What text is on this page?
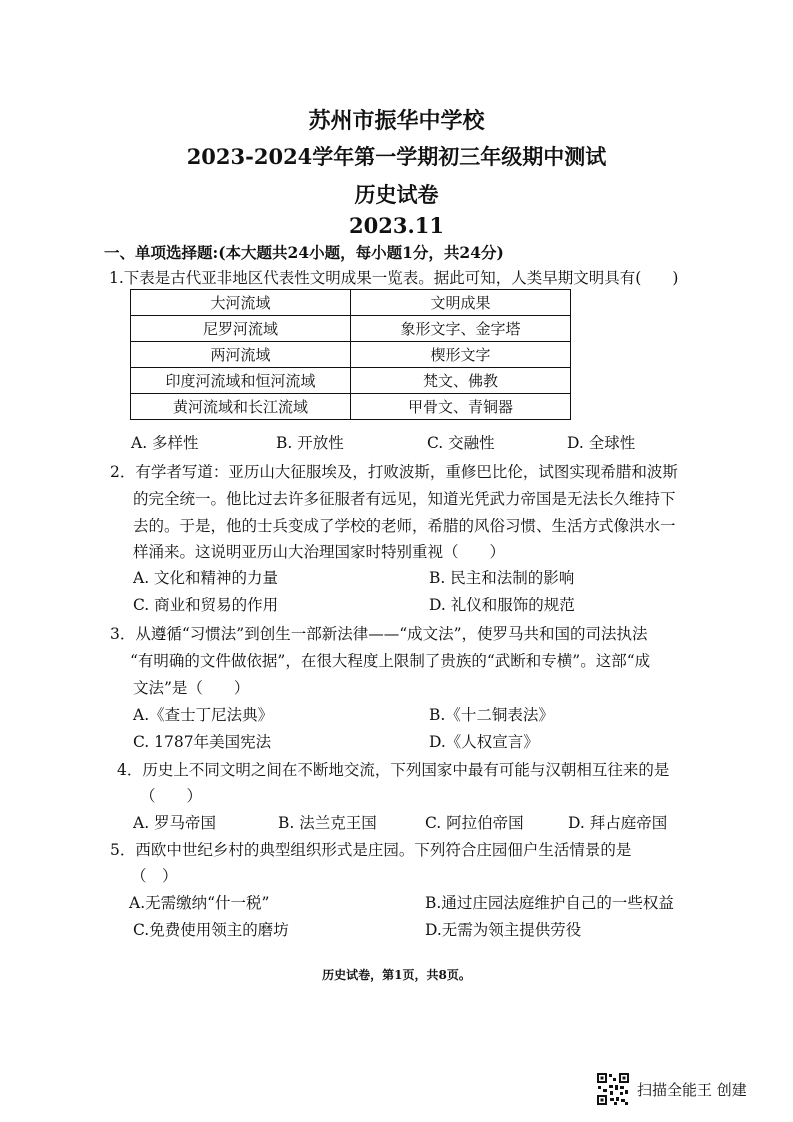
苏州市振华中学校
2023-2024学年第一学期初三年级期中测试
历史试卷
2023.11
一、单项选择题:(本大题共24小题，每小题1分，共24分)
1.下表是古代亚非地区代表性文明成果一览表。据此可知，人类早期文明具有(　　)
大河流域	文明成果
尼罗河流域	象形文字、金字塔
两河流域	楔形文字
印度河流域和恒河流域	梵文、佛教
黄河流域和长江流域	甲骨文、青铜器
A. 多样性	B. 开放性	C. 交融性	D. 全球性
2．有学者写道：亚历山大征服埃及，打败波斯，重修巴比伦，试图实现希腊和波斯
的完全统一。他比过去许多征服者有远见，知道光凭武力帝国是无法长久维持下
去的。于是，他的士兵变成了学校的老师，希腊的风俗习惯、生活方式像洪水一
样涌来。这说明亚历山大治理国家时特别重视（　　）
A. 文化和精神的力量	B. 民主和法制的影响
C. 商业和贸易的作用	D. 礼仪和服饰的规范
3．从遵循“习惯法”到创生一部新法律——“成文法”，使罗马共和国的司法执法
“有明确的文件做依据”，在很大程度上限制了贵族的“武断和专横”。这部“成
文法”是（　　）
A.《查士丁尼法典》	B.《十二铜表法》
C. 1787年美国宪法	D.《人权宣言》
4．历史上不同文明之间在不断地交流，下列国家中最有可能与汉朝相互往来的是
（　　）
A. 罗马帝国	B. 法兰克王国	C. 阿拉伯帝国	D. 拜占庭帝国
5．西欧中世纪乡村的典型组织形式是庄园。下列符合庄园佃户生活情景的是
（　）
A.无需缴纳“什一税”	B.通过庄园法庭维护自己的一些权益
C.免费使用领主的磨坊	D.无需为领主提供劳役
历史试卷，第1页，共8页。
扫描全能王 创建
